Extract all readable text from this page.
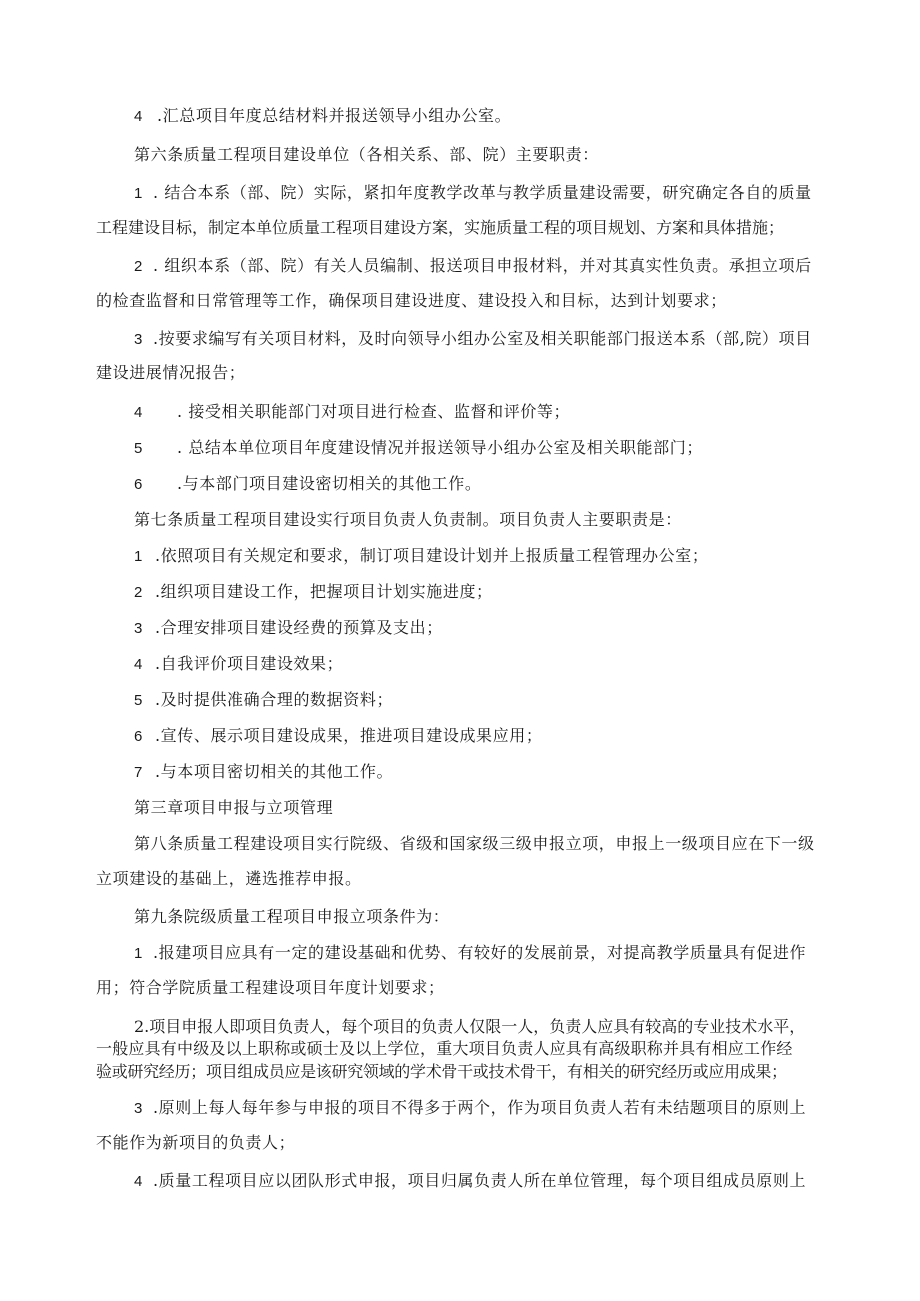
4 .汇总项目年度总结材料并报送领导小组办公室。
第六条质量工程项目建设单位（各相关系、部、院）主要职责：
1 . 结合本系（部、院）实际，紧扣年度教学改革与教学质量建设需要，研究确定各自的质量
工程建设目标，制定本单位质量工程项目建设方案，实施质量工程的项目规划、方案和具体措施；
2 . 组织本系（部、院）有关人员编制、报送项目申报材料，并对其真实性负责。承担立项后
的检查监督和日常管理等工作，确保项目建设进度、建设投入和目标，达到计划要求；
3 .按要求编写有关项目材料，及时向领导小组办公室及相关职能部门报送本系（部,院）项目
建设进展情况报告；
4 . 接受相关职能部门对项目进行检查、监督和评价等；
5 . 总结本单位项目年度建设情况并报送领导小组办公室及相关职能部门；
6 .与本部门项目建设密切相关的其他工作。
第七条质量工程项目建设实行项目负责人负责制。项目负责人主要职责是：
1 .依照项目有关规定和要求，制订项目建设计划并上报质量工程管理办公室；
2 .组织项目建设工作，把握项目计划实施进度；
3 .合理安排项目建设经费的预算及支出；
4 .自我评价项目建设效果；
5 .及时提供准确合理的数据资料；
6 .宣传、展示项目建设成果，推进项目建设成果应用；
7 .与本项目密切相关的其他工作。
第三章项目申报与立项管理
第八条质量工程建设项目实行院级、省级和国家级三级申报立项，申报上一级项目应在下一级
立项建设的基础上，遴选推荐申报。
第九条院级质量工程项目申报立项条件为：
1 .报建项目应具有一定的建设基础和优势、有较好的发展前景，对提高教学质量具有促进作
用；符合学院质量工程建设项目年度计划要求；
2.项目申报人即项目负责人，每个项目的负责人仅限一人，负责人应具有较高的专业技术水平，
一般应具有中级及以上职称或硕士及以上学位，重大项目负责人应具有高级职称并具有相应工作经
验或研究经历；项目组成员应是该研究领域的学术骨干或技术骨干，有相关的研究经历或应用成果；
3 .原则上每人每年参与申报的项目不得多于两个，作为项目负责人若有未结题项目的原则上
不能作为新项目的负责人；
4 .质量工程项目应以团队形式申报，项目归属负责人所在单位管理，每个项目组成员原则上
